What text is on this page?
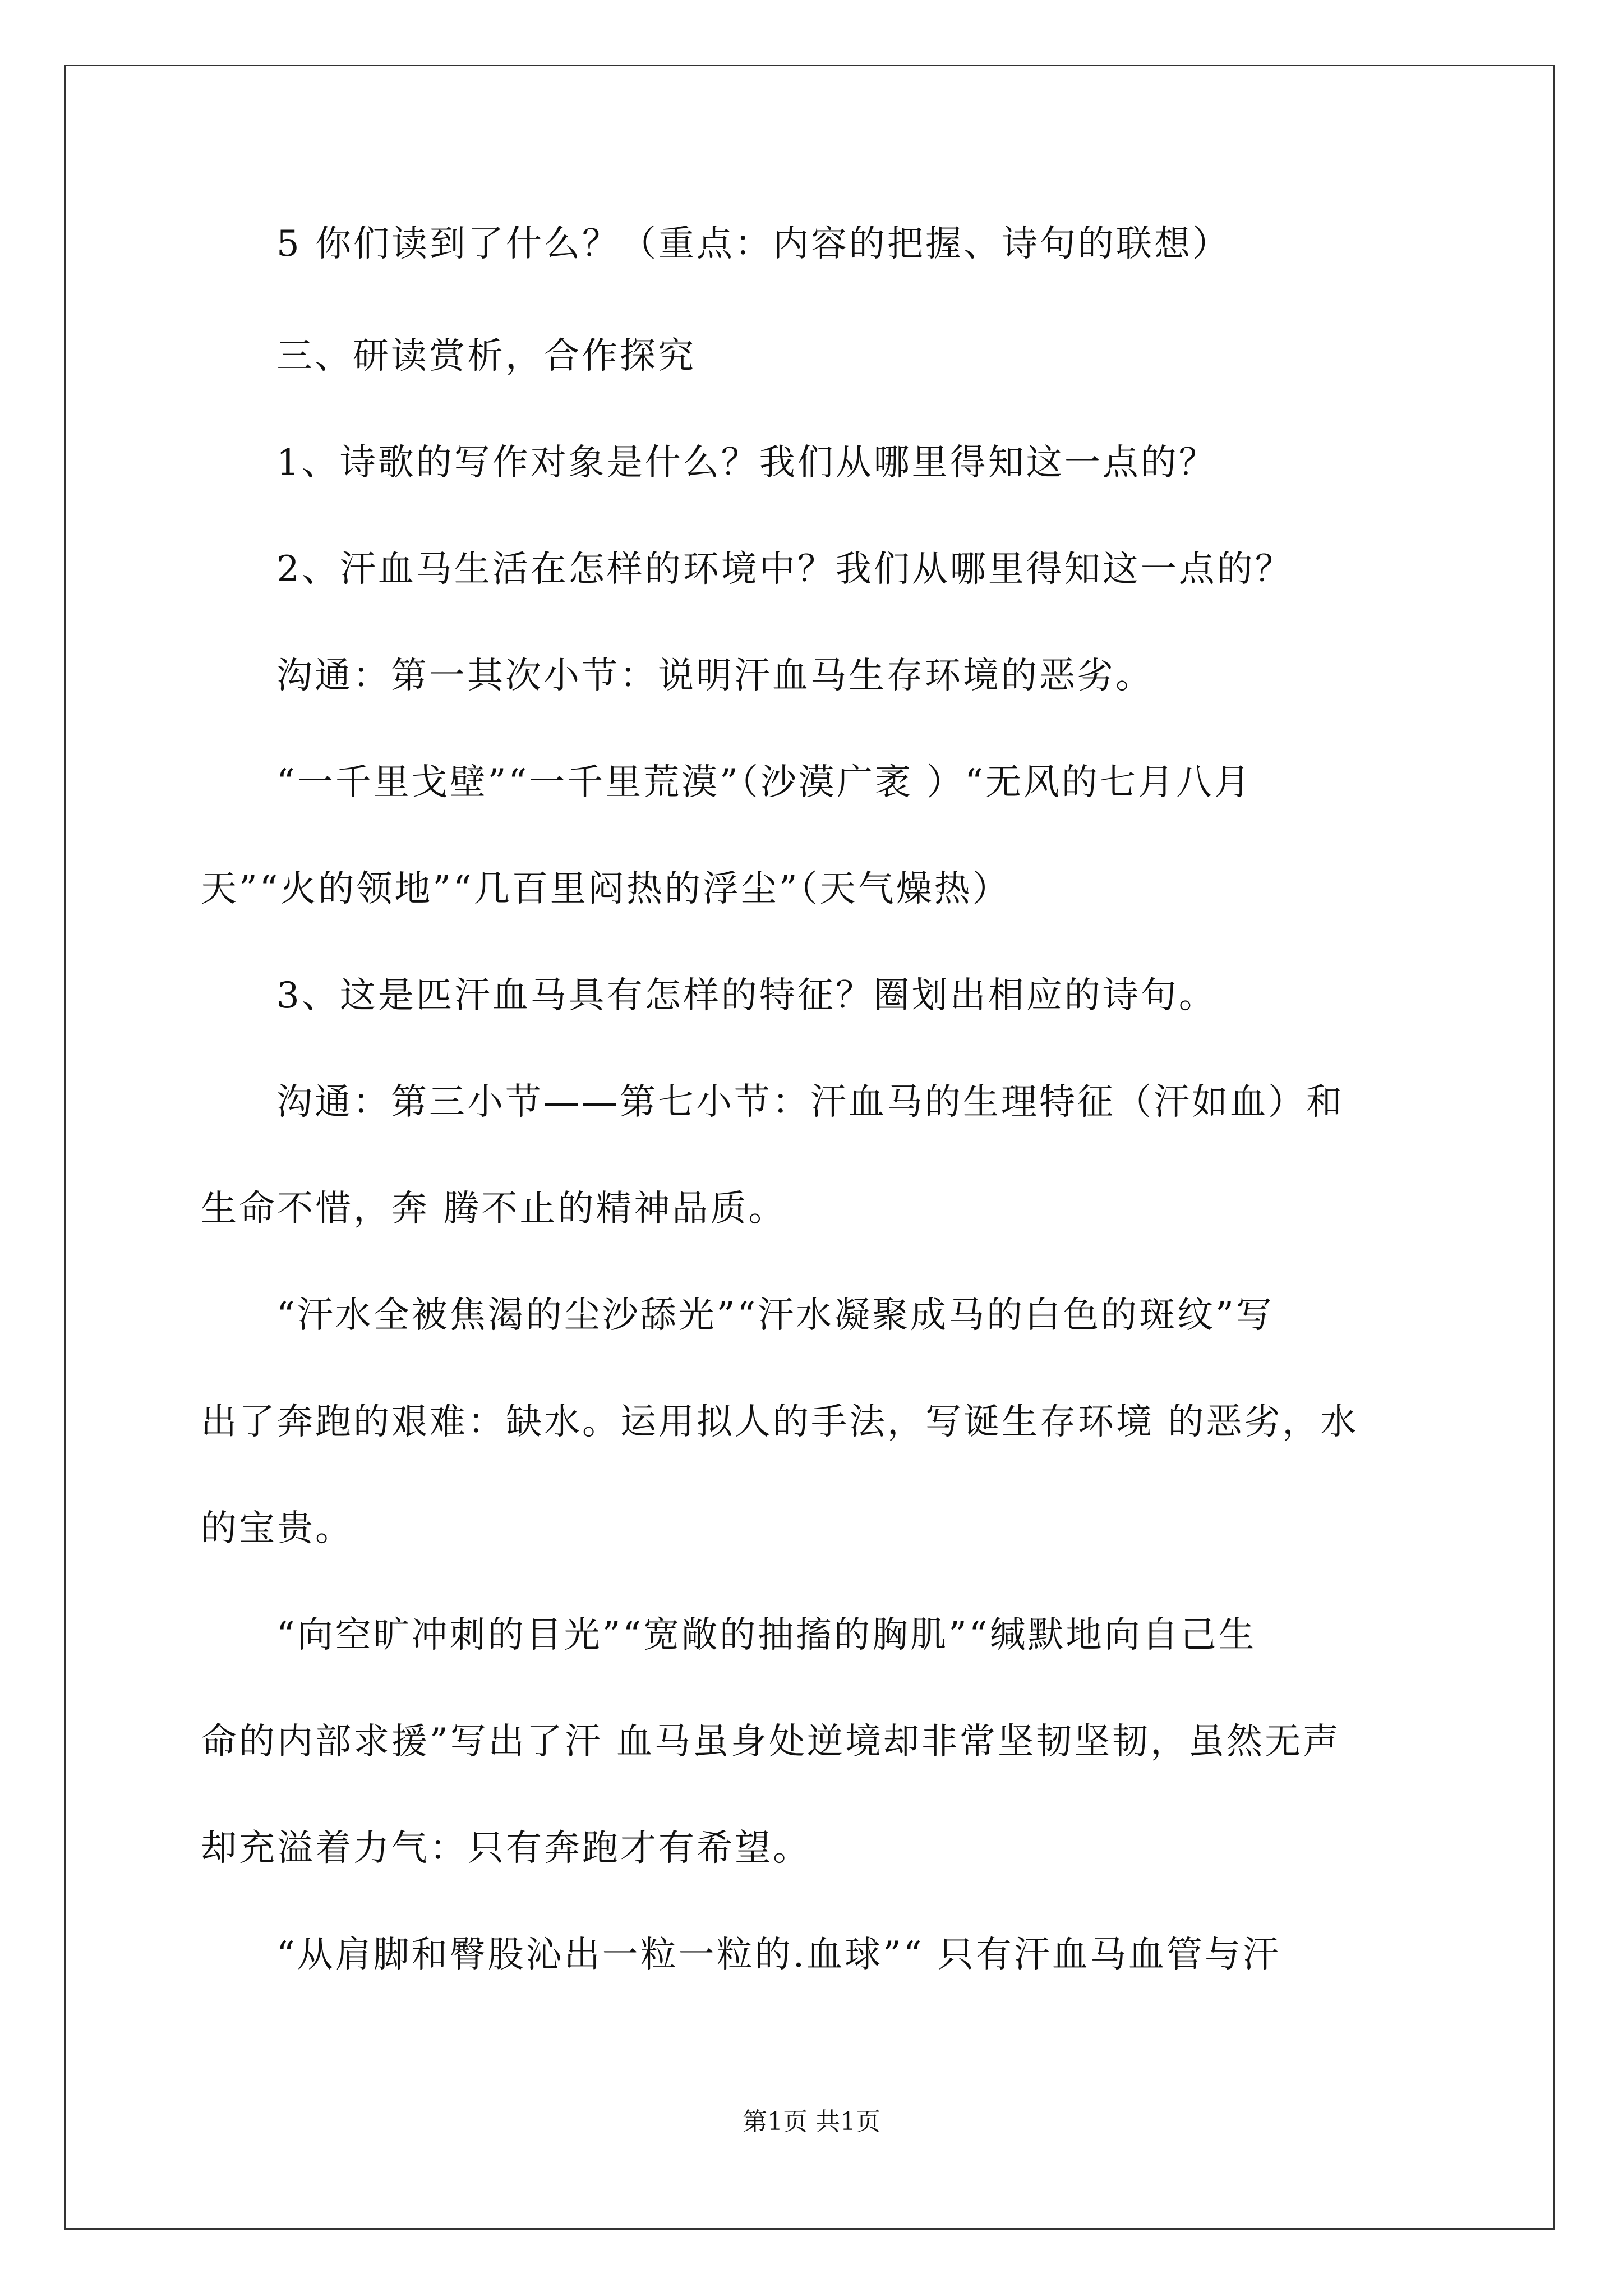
5 你们读到了什么？（重点：内容的把握、诗句的联想）
三、研读赏析，合作探究
1、诗歌的写作对象是什么？我们从哪里得知这一点的？
2、汗血马生活在怎样的环境中？我们从哪里得知这一点的？
沟通：第一其次小节：说明汗血马生存环境的恶劣。
“一千里戈壁”“一千里荒漠”（沙漠广袤 ）“无风的七月八月
天”“火的领地”“几百里闷热的浮尘”（天气燥热）
3、这是匹汗血马具有怎样的特征？圈划出相应的诗句。
沟通：第三小节——第七小节：汗血马的生理特征（汗如血）和
生命不惜，奔 腾不止的精神品质。
“汗水全被焦渴的尘沙舔光”“汗水凝聚成马的白色的斑纹”写
出了奔跑的艰难：缺水。运用拟人的手法，写诞生存环境 的恶劣，水
的宝贵。
“向空旷冲刺的目光”“宽敞的抽搐的胸肌”“缄默地向自己生
命的内部求援”写出了汗 血马虽身处逆境却非常坚韧坚韧，虽然无声
却充溢着力气：只有奔跑才有希望。
“从肩脚和臀股沁出一粒一粒的.血球”“ 只有汗血马血管与汗
第1页 共1页
